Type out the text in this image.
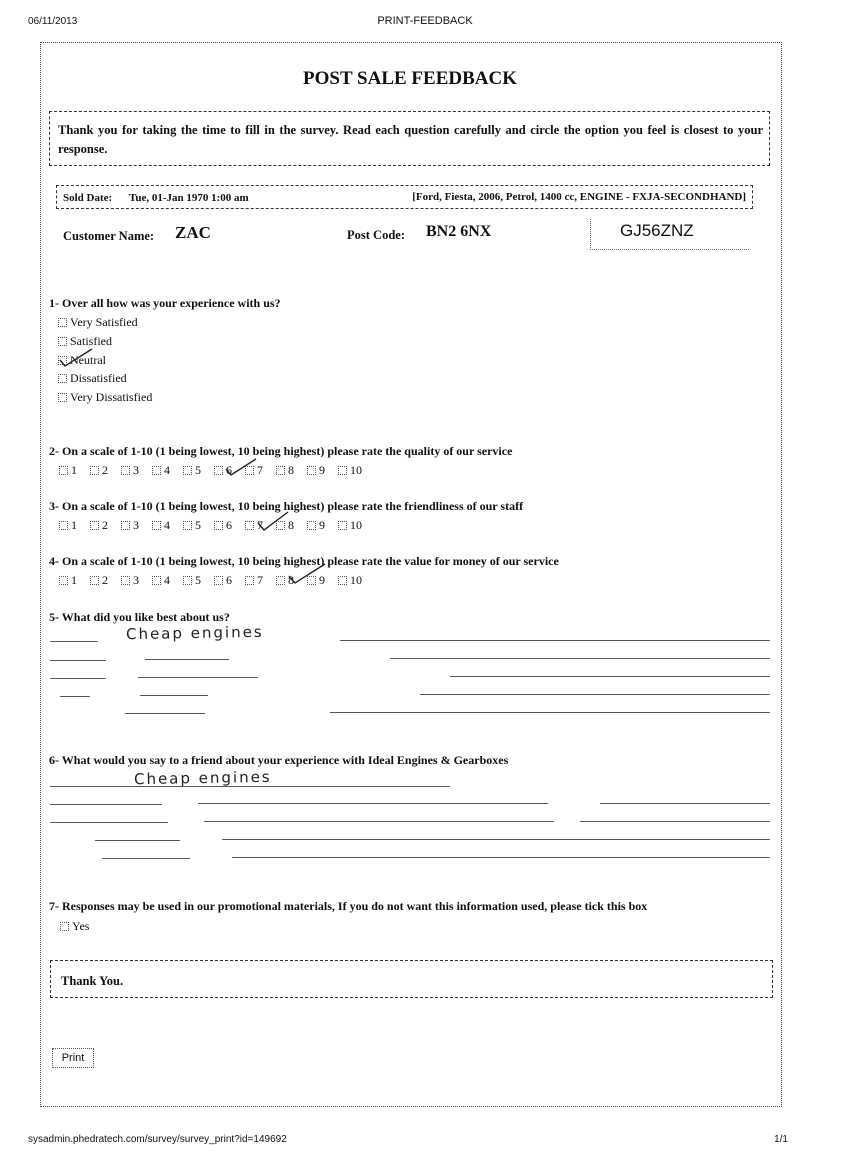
06/11/2013	PRINT-FEEDBACK
sysadmin.phedratech.com/survey/survey_print?id=149692	1/1
POST SALE FEEDBACK
Thank you for taking the time to fill in the survey. Read each question carefully and circle the option you feel is closest to your response.
Sold Date: Tue, 01-Jan 1970 1:00 am	[Ford, Fiesta, 2006, Petrol, 1400 cc, ENGINE - FXJA-SECONDHAND]
Customer Name: ZAC	Post Code: BN2 6NX	GJ56ZNZ
1- Over all how was your experience with us?
Very Satisfied
Satisfied
Neutral
Dissatisfied
Very Dissatisfied
2- On a scale of 1-10 (1 being lowest, 10 being highest) please rate the quality of our service
1 2 3 4 5 6 7 8 9 10
3- On a scale of 1-10 (1 being lowest, 10 being highest) please rate the friendliness of our staff
1 2 3 4 5 6 7 8 9 10
4- On a scale of 1-10 (1 being lowest, 10 being highest) please rate the value for money of our service
1 2 3 4 5 6 7 8 9 10
5- What did you like best about us?
Cheap engines
6- What would you say to a friend about your experience with Ideal Engines & Gearboxes
Cheap engines
7- Responses may be used in our promotional materials, If you do not want this information used, please tick this box
Yes
Thank You.
Print
